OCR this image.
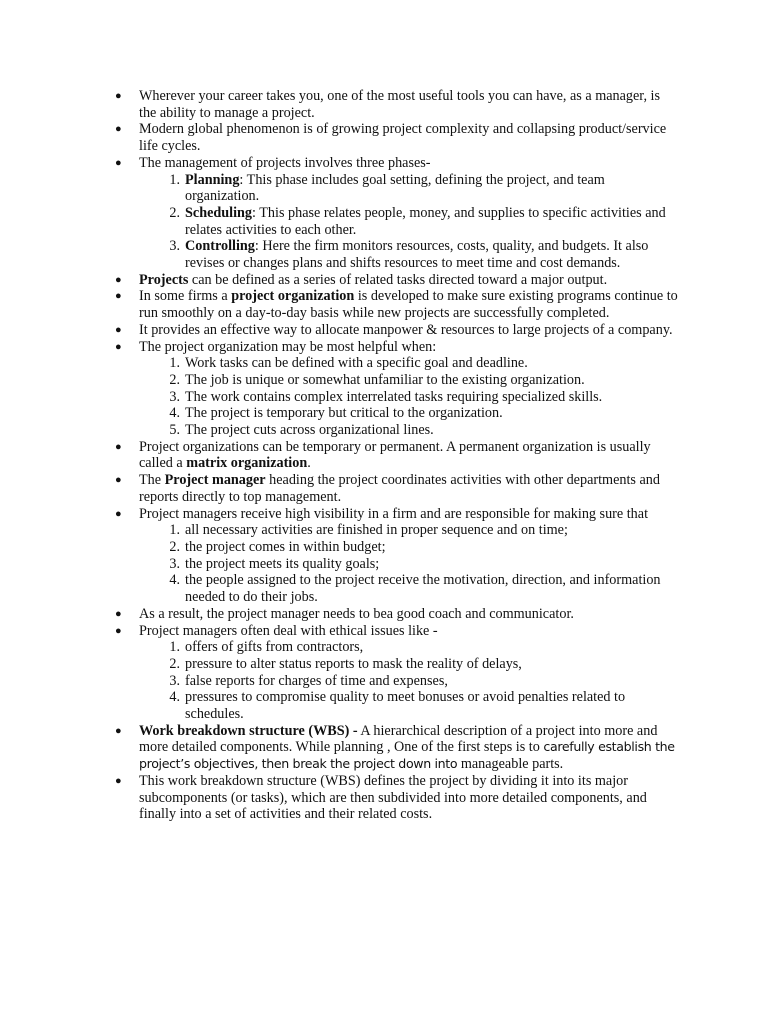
● Wherever your career takes you, one of the most useful tools you can have, as a manager, is the ability to manage a project.
● Modern global phenomenon is of growing project complexity and collapsing product/service life cycles.
● The management of projects involves three phases-
1. Planning: This phase includes goal setting, defining the project, and team organization.
2. Scheduling: This phase relates people, money, and supplies to specific activities and relates activities to each other.
3. Controlling: Here the firm monitors resources, costs, quality, and budgets. It also revises or changes plans and shifts resources to meet time and cost demands.
● Projects can be defined as a series of related tasks directed toward a major output.
● In some firms a project organization is developed to make sure existing programs continue to run smoothly on a day-to-day basis while new projects are successfully completed.
● It provides an effective way to allocate manpower & resources to large projects of a company.
● The project organization may be most helpful when:
1. Work tasks can be defined with a specific goal and deadline.
2. The job is unique or somewhat unfamiliar to the existing organization.
3. The work contains complex interrelated tasks requiring specialized skills.
4. The project is temporary but critical to the organization.
5. The project cuts across organizational lines.
● Project organizations can be temporary or permanent. A permanent organization is usually called a matrix organization.
● The Project manager heading the project coordinates activities with other departments and reports directly to top management.
● Project managers receive high visibility in a firm and are responsible for making sure that
1. all necessary activities are finished in proper sequence and on time;
2. the project comes in within budget;
3. the project meets its quality goals;
4. the people assigned to the project receive the motivation, direction, and information needed to do their jobs.
● As a result, the project manager needs to bea good coach and communicator.
● Project managers often deal with ethical issues like -
1. offers of gifts from contractors,
2. pressure to alter status reports to mask the reality of delays,
3. false reports for charges of time and expenses,
4. pressures to compromise quality to meet bonuses or avoid penalties related to schedules.
● Work breakdown structure (WBS) - A hierarchical description of a project into more and more detailed components. While planning , One of the first steps is to carefully establish the project’s objectives, then break the project down into manageable parts.
● This work breakdown structure (WBS) defines the project by dividing it into its major subcomponents (or tasks), which are then subdivided into more detailed components, and finally into a set of activities and their related costs.
